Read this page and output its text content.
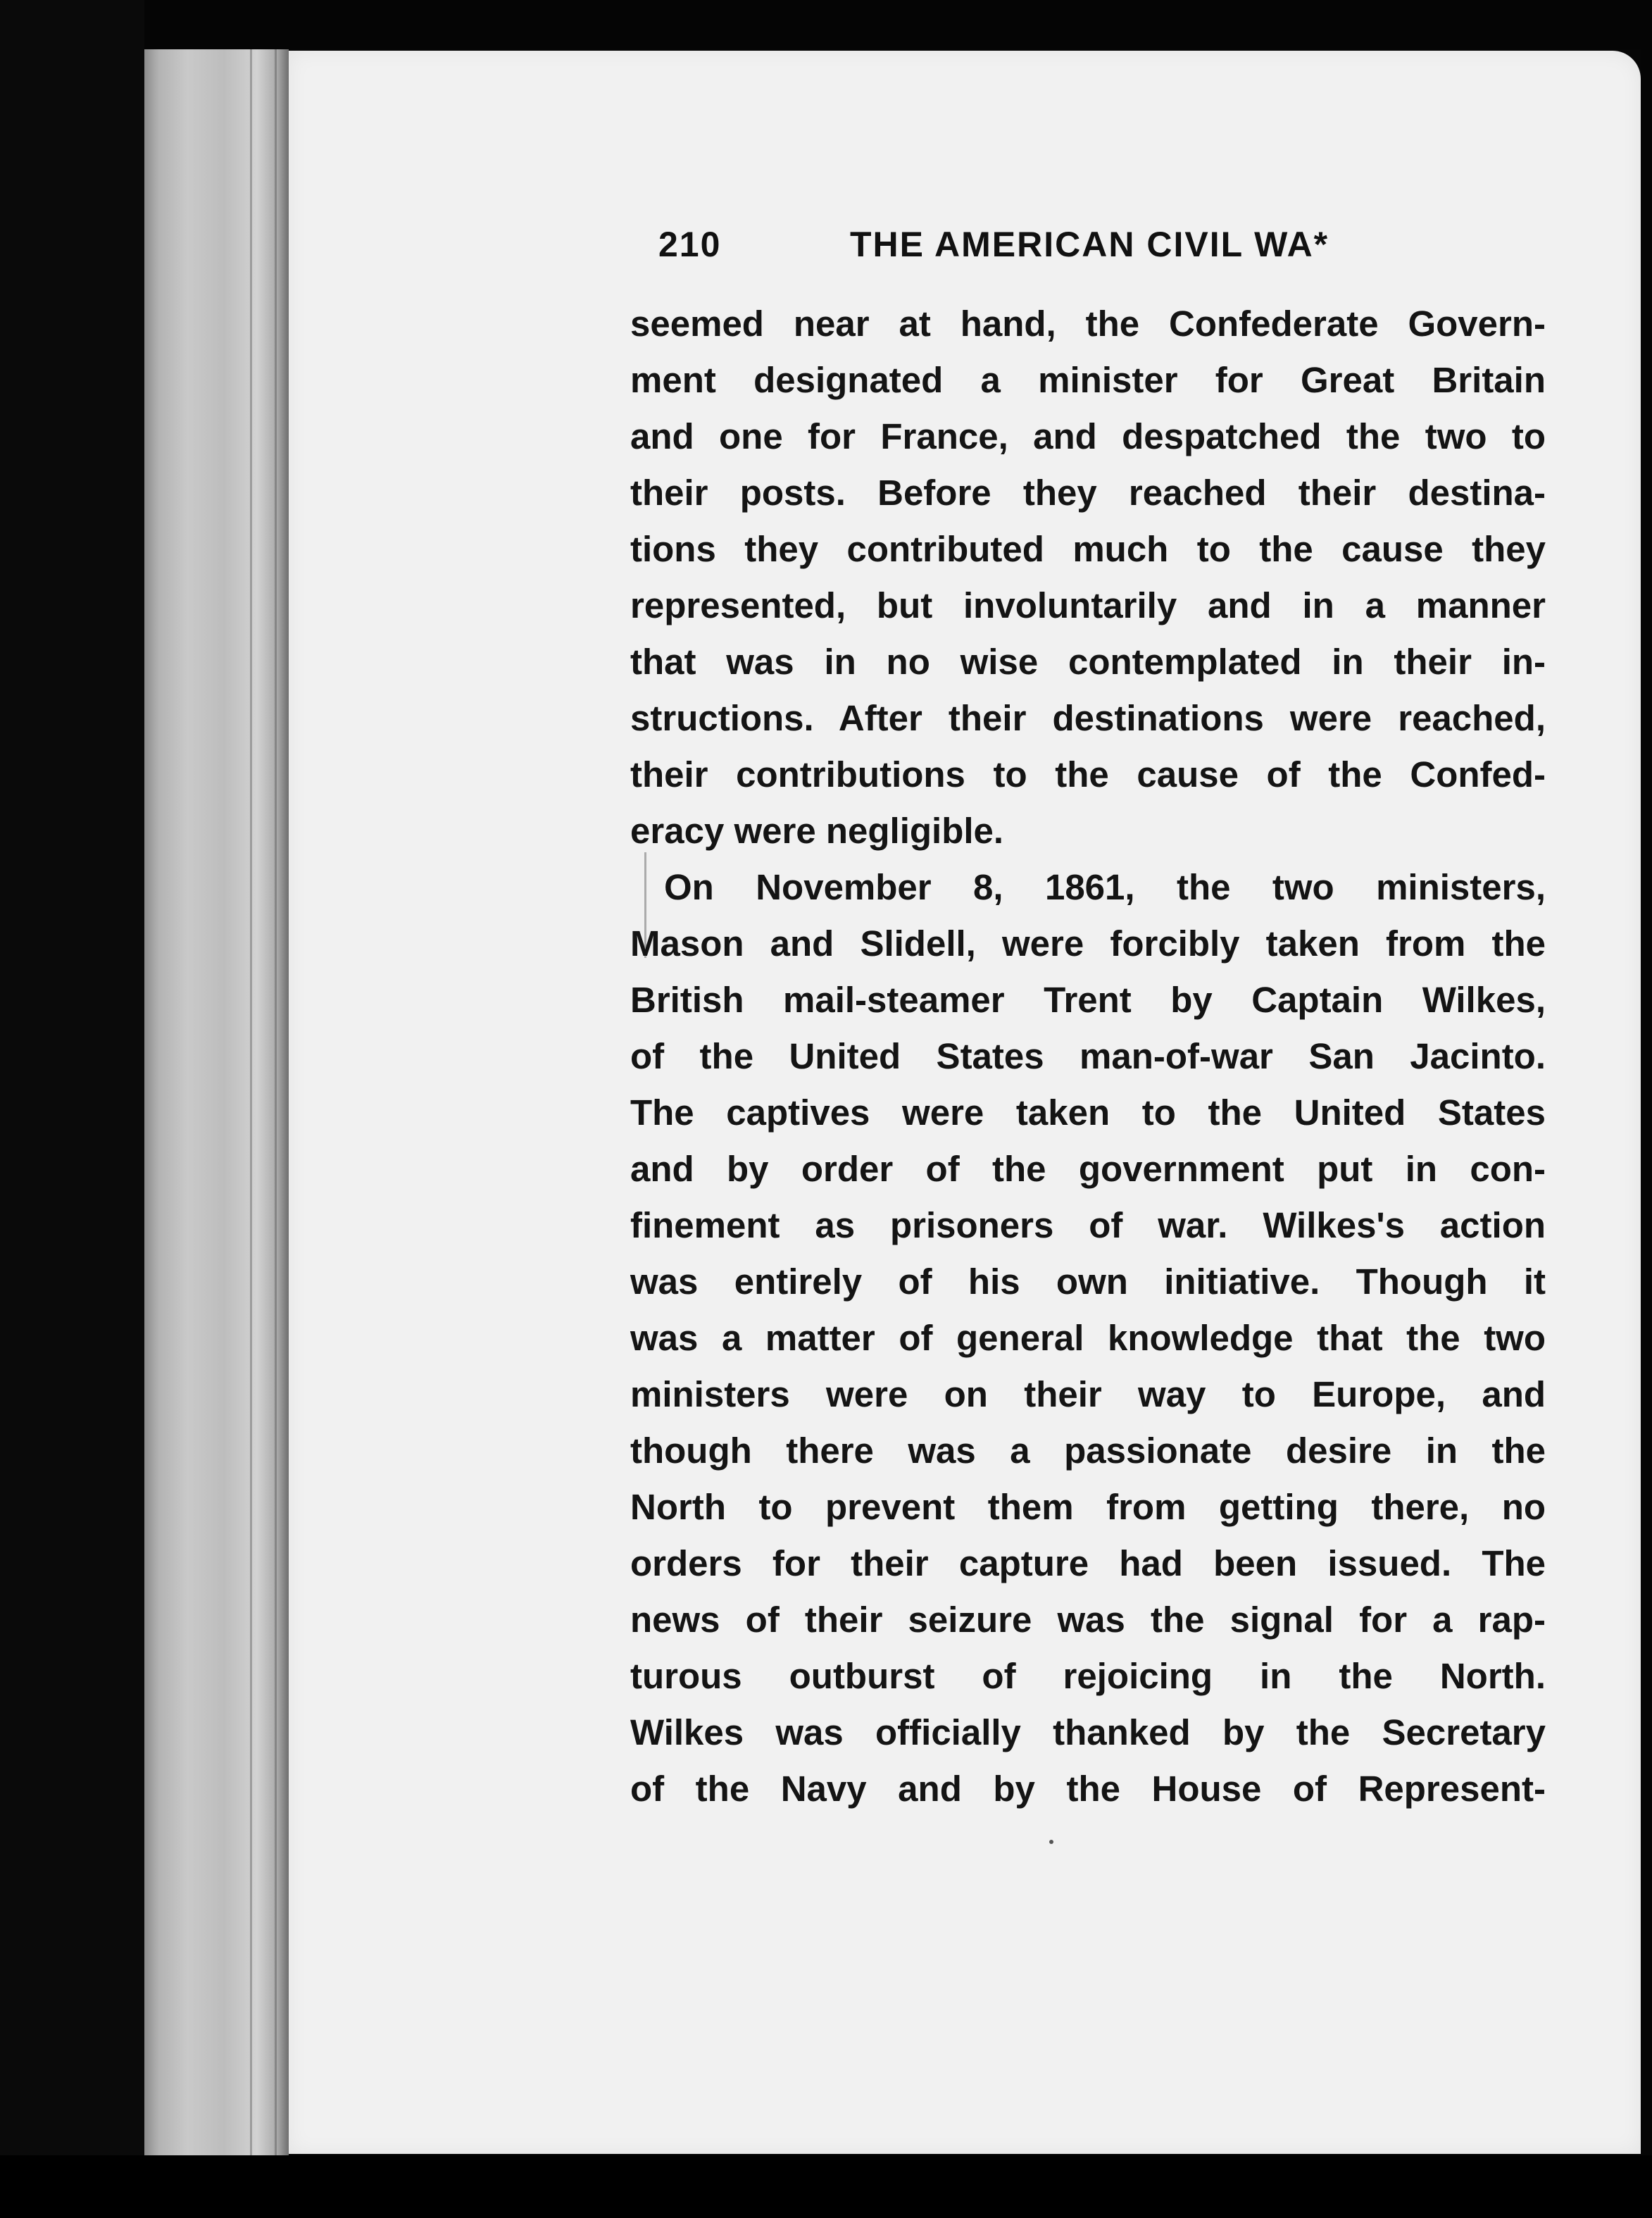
210	THE AMERICAN CIVIL WA*
seemed near at hand, the Confederate Govern-
ment designated a minister for Great Britain
and one for France, and despatched the two to
their posts. Before they reached their destina-
tions they contributed much to the cause they
represented, but involuntarily and in a manner
that was in no wise contemplated in their in-
structions. After their destinations were reached,
their contributions to the cause of the Confed-
eracy were negligible.
On November 8, 1861, the two ministers,
Mason and Slidell, were forcibly taken from the
British mail-steamer Trent by Captain Wilkes,
of the United States man-of-war San Jacinto.
The captives were taken to the United States
and by order of the government put in con-
finement as prisoners of war. Wilkes's action
was entirely of his own initiative. Though it
was a matter of general knowledge that the two
ministers were on their way to Europe, and
though there was a passionate desire in the
North to prevent them from getting there, no
orders for their capture had been issued. The
news of their seizure was the signal for a rap-
turous outburst of rejoicing in the North.
Wilkes was officially thanked by the Secretary
of the Navy and by the House of Represent-
